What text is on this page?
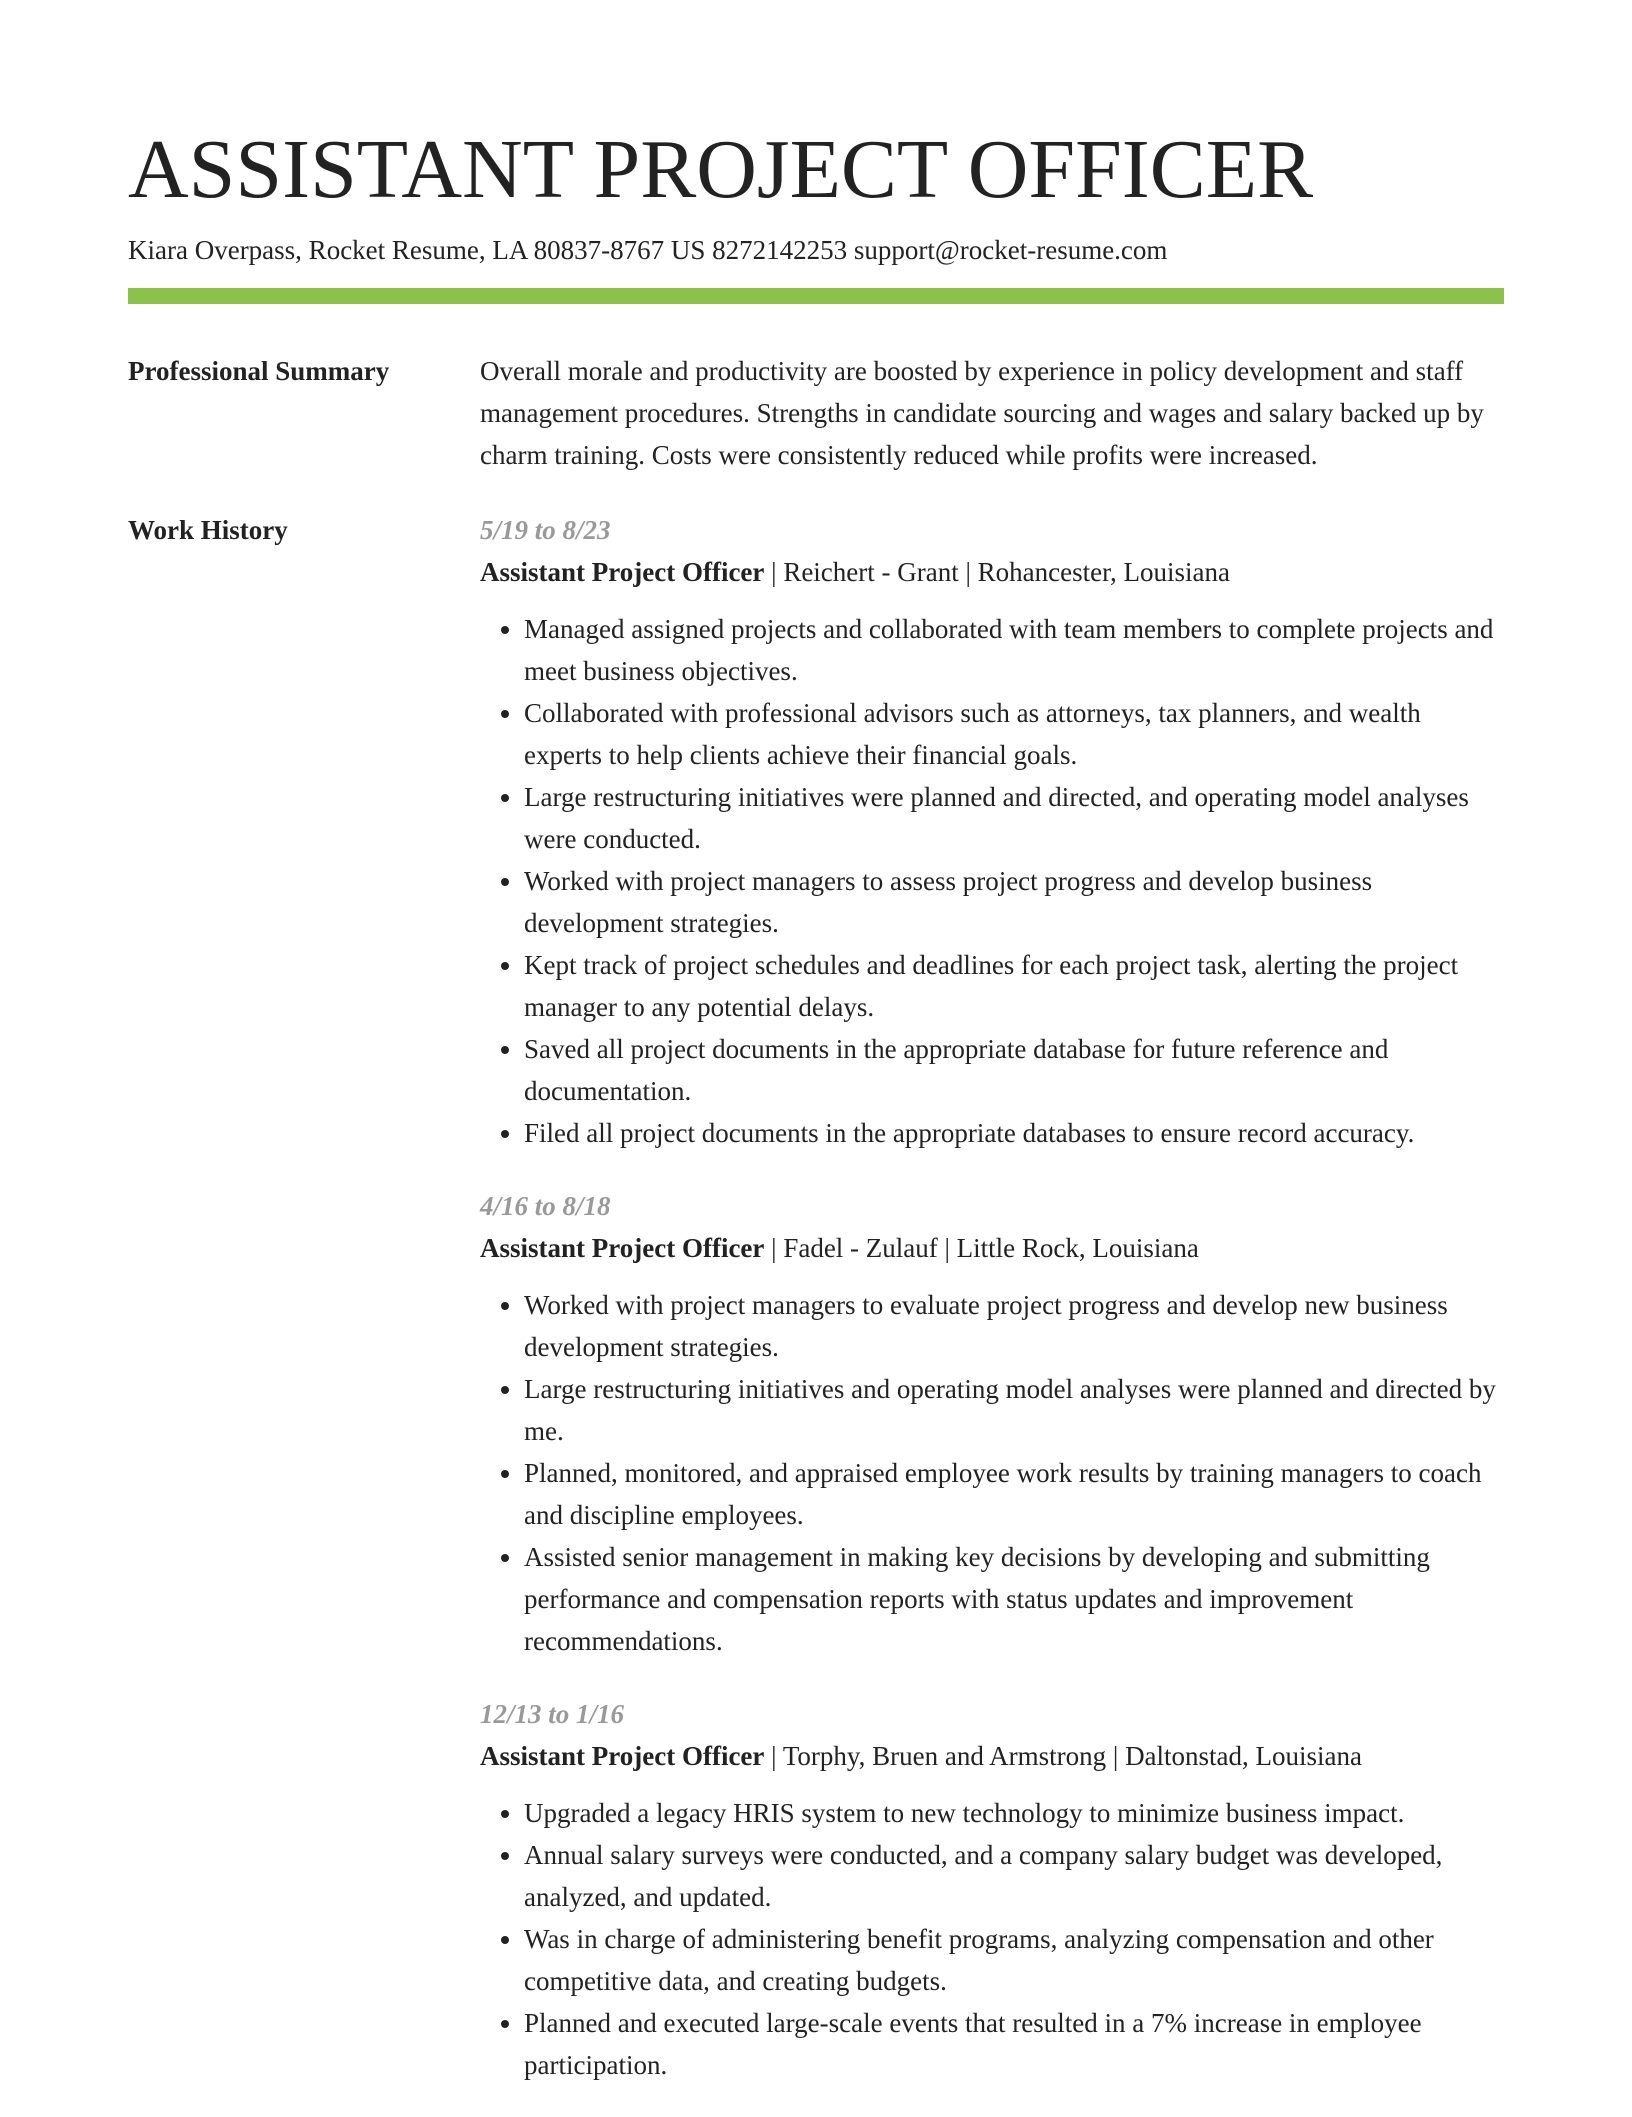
ASSISTANT PROJECT OFFICER
Kiara Overpass, Rocket Resume, LA 80837-8767 US 8272142253 support@rocket-resume.com
Professional Summary	Overall morale and productivity are boosted by experience in policy development and staff management procedures. Strengths in candidate sourcing and wages and salary backed up by charm training. Costs were consistently reduced while profits were increased.

Work History	5/19 to 8/23
Assistant Project Officer | Reichert - Grant | Rohancester, Louisiana
• Managed assigned projects and collaborated with team members to complete projects and meet business objectives.
• Collaborated with professional advisors such as attorneys, tax planners, and wealth experts to help clients achieve their financial goals.
• Large restructuring initiatives were planned and directed, and operating model analyses were conducted.
• Worked with project managers to assess project progress and develop business development strategies.
• Kept track of project schedules and deadlines for each project task, alerting the project manager to any potential delays.
• Saved all project documents in the appropriate database for future reference and documentation.
• Filed all project documents in the appropriate databases to ensure record accuracy.
4/16 to 8/18
Assistant Project Officer | Fadel - Zulauf | Little Rock, Louisiana
• Worked with project managers to evaluate project progress and develop new business development strategies.
• Large restructuring initiatives and operating model analyses were planned and directed by me.
• Planned, monitored, and appraised employee work results by training managers to coach and discipline employees.
• Assisted senior management in making key decisions by developing and submitting performance and compensation reports with status updates and improvement recommendations.
12/13 to 1/16
Assistant Project Officer | Torphy, Bruen and Armstrong | Daltonstad, Louisiana
• Upgraded a legacy HRIS system to new technology to minimize business impact.
• Annual salary surveys were conducted, and a company salary budget was developed, analyzed, and updated.
• Was in charge of administering benefit programs, analyzing compensation and other competitive data, and creating budgets.
• Planned and executed large-scale events that resulted in a 7% increase in employee participation.
